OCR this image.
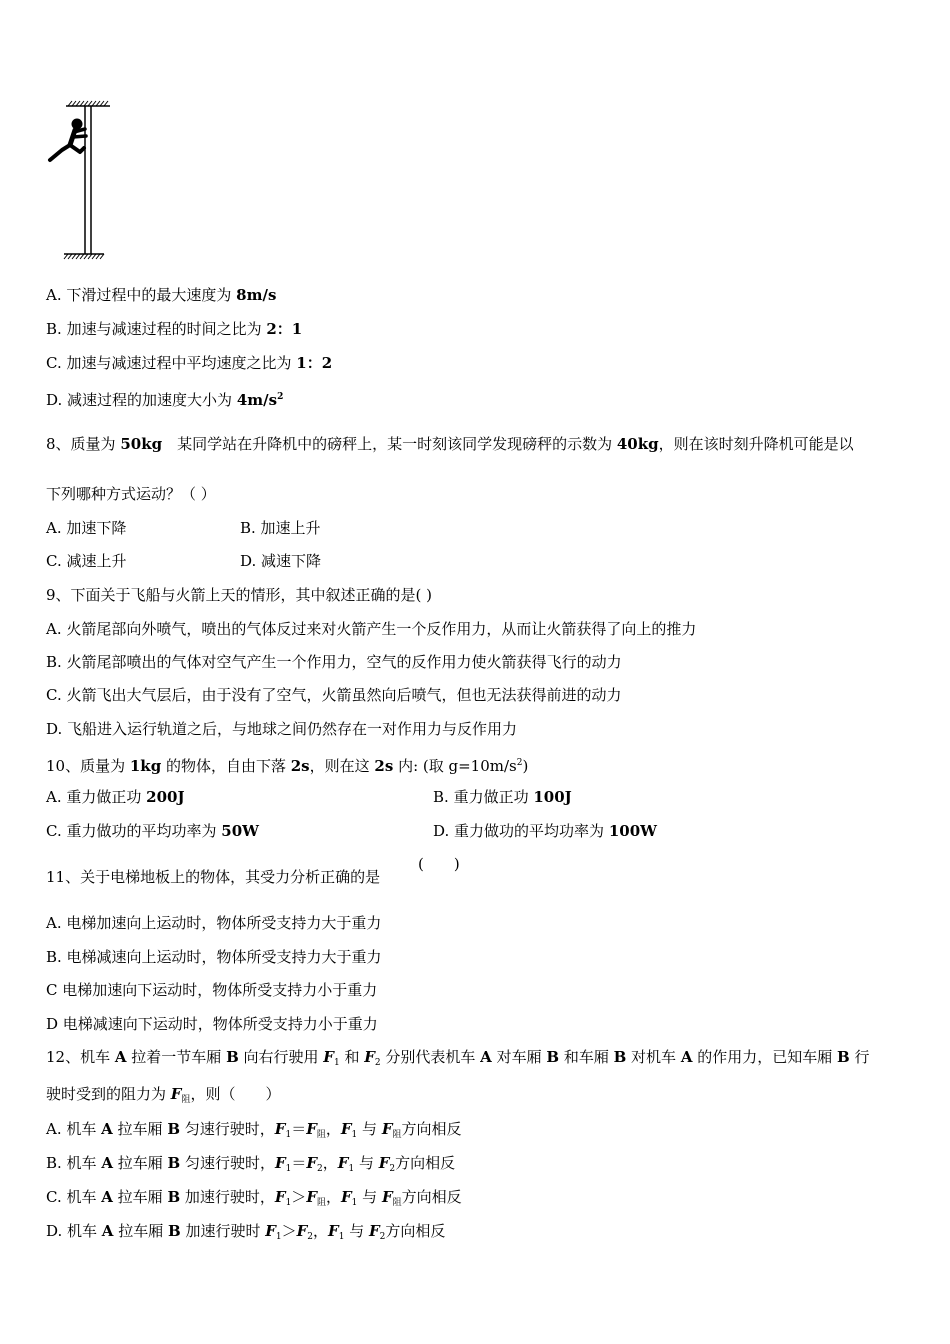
A. 下滑过程中的最大速度为 8m/s
B. 加速与减速过程的时间之比为 2：1
C. 加速与减速过程中平均速度之比为 1：2
D. 减速过程的加速度大小为 $4m/s^2$
8、质量为 50kg　某同学站在升降机中的磅秤上，某一时刻该同学发现磅秤的示数为 40kg，则在该时刻升降机可能是以
下列哪种方式运动？（ ）
A. 加速下降	B. 加速上升
C. 减速上升	D. 减速下降
9、下面关于飞船与火箭上天的情形，其中叙述正确的是( )
A. 火箭尾部向外喷气，喷出的气体反过来对火箭产生一个反作用力，从而让火箭获得了向上的推力
B. 火箭尾部喷出的气体对空气产生一个作用力，空气的反作用力使火箭获得飞行的动力
C. 火箭飞出大气层后，由于没有了空气，火箭虽然向后喷气，但也无法获得前进的动力
D. 飞船进入运行轨道之后，与地球之间仍然存在一对作用力与反作用力
10、质量为 1kg 的物体，自由下落 2s，则在这 2s 内: (取 $g=10m/s^2$)
A. 重力做正功 200J	B. 重力做正功 100J
C. 重力做功的平均功率为 50W	D. 重力做功的平均功率为 100W
11、关于电梯地板上的物体，其受力分析正确的是
(　　)
A. 电梯加速向上运动时，物体所受支持力大于重力
B. 电梯减速向上运动时，物体所受支持力大于重力
C 电梯加速向下运动时，物体所受支持力小于重力
D 电梯减速向下运动时，物体所受支持力小于重力
12、机车 A 拉着一节车厢 B 向右行驶用 $F_1$ 和 $F_2$ 分别代表机车 A 对车厢 B 和车厢 B 对机车 A 的作用力，已知车厢 B 行
驶时受到的阻力为 $F_阻$，则（　　）
A. 机车 A 拉车厢 B 匀速行驶时，$F_1=F_阻$，$F_1$ 与 $F_阻$方向相反
B. 机车 A 拉车厢 B 匀速行驶时，$F_1=F_2$，$F_1$ 与 $F_2$方向相反
C. 机车 A 拉车厢 B 加速行驶时，$F_1>F_阻$，$F_1$ 与 $F_阻$方向相反
D. 机车 A 拉车厢 B 加速行驶时 $F_1>F_2$，$F_1$ 与 $F_2$方向相反
